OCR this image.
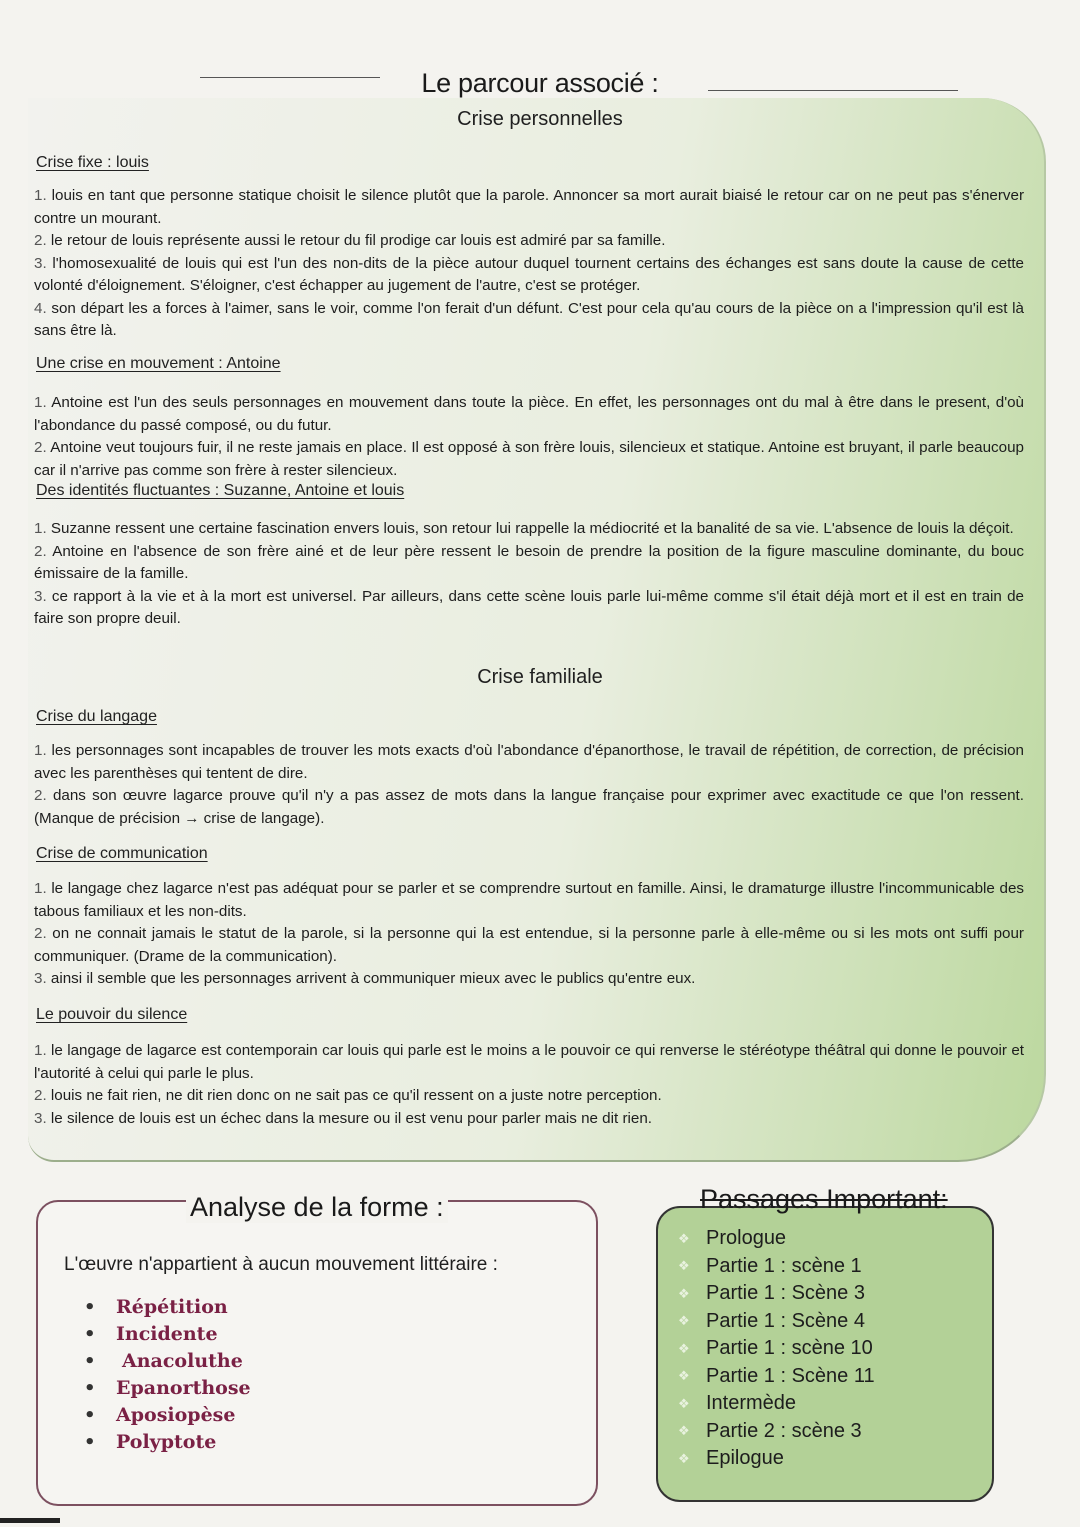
Le parcour associé :
Crise personnelles
Crise fixe : louis
1. louis en tant que personne statique choisit le silence plutôt que la parole. Annoncer sa mort aurait biaisé le retour car on ne peut pas s'énerver contre un mourant.
2. le retour de louis représente aussi le retour du fil prodige car louis est admiré par sa famille.
3. l'homosexualité de louis qui est l'un des non-dits de la pièce autour duquel tournent certains des échanges est sans doute la cause de cette volonté d'éloignement. S'éloigner, c'est échapper au jugement de l'autre, c'est se protéger.
4. son départ les a forces à l'aimer, sans le voir, comme l'on ferait d'un défunt. C'est pour cela qu'au cours de la pièce on a l'impression qu'il est là sans être là.
Une crise en mouvement : Antoine
1. Antoine est l'un des seuls personnages en mouvement dans toute la pièce. En effet, les personnages ont du mal à être dans le present, d'où l'abondance du passé composé, ou du futur.
2. Antoine veut toujours fuir, il ne reste jamais en place. Il est opposé à son frère louis, silencieux et statique. Antoine est bruyant, il parle beaucoup car il n'arrive pas comme son frère à rester silencieux.
Des identités fluctuantes : Suzanne, Antoine et louis
1. Suzanne ressent une certaine fascination envers louis, son retour lui rappelle la médiocrité et la banalité de sa vie. L'absence de louis la déçoit.
2. Antoine en l'absence de son frère ainé et de leur père ressent le besoin de prendre la position de la figure masculine dominante, du bouc émissaire de la famille.
3. ce rapport à la vie et à la mort est universel. Par ailleurs, dans cette scène louis parle lui-même comme s'il était déjà mort et il est en train de faire son propre deuil.
Crise familiale
Crise du langage
1. les personnages sont incapables de trouver les mots exacts d'où l'abondance d'épanorthose, le travail de répétition, de correction, de précision avec les parenthèses qui tentent de dire.
2. dans son œuvre lagarce prouve qu'il n'y a pas assez de mots dans la langue française pour exprimer avec exactitude ce que l'on ressent. (Manque de précision → crise de langage).
Crise de communication
1. le langage chez lagarce n'est pas adéquat pour se parler et se comprendre surtout en famille. Ainsi, le dramaturge illustre l'incommunicable des tabous familiaux et les non-dits.
2. on ne connait jamais le statut de la parole, si la personne qui la est entendue, si la personne parle à elle-même ou si les mots ont suffi pour communiquer. (Drame de la communication).
3. ainsi il semble que les personnages arrivent à communiquer mieux avec le publics qu'entre eux.
Le pouvoir du silence
1. le langage de lagarce est contemporain car louis qui parle est le moins a le pouvoir ce qui renverse le stéréotype théâtral qui donne le pouvoir et l'autorité à celui qui parle le plus.
2. louis ne fait rien, ne dit rien donc on ne sait pas ce qu'il ressent on a juste notre perception.
3. le silence de louis est un échec dans la mesure ou il est venu pour parler mais ne dit rien.
Analyse de la forme :
L'œuvre n'appartient à aucun mouvement littéraire :
• Répétition
• Incidente
• Anacoluthe
• Epanorthose
• Aposiopèse
• Polyptote
Passages Important:
❖ Prologue
❖ Partie 1 : scène 1
❖ Partie 1 : Scène 3
❖ Partie 1 : Scène 4
❖ Partie 1 : scène 10
❖ Partie 1 : Scène 11
❖ Intermède
❖ Partie 2 : scène 3
❖ Epilogue
